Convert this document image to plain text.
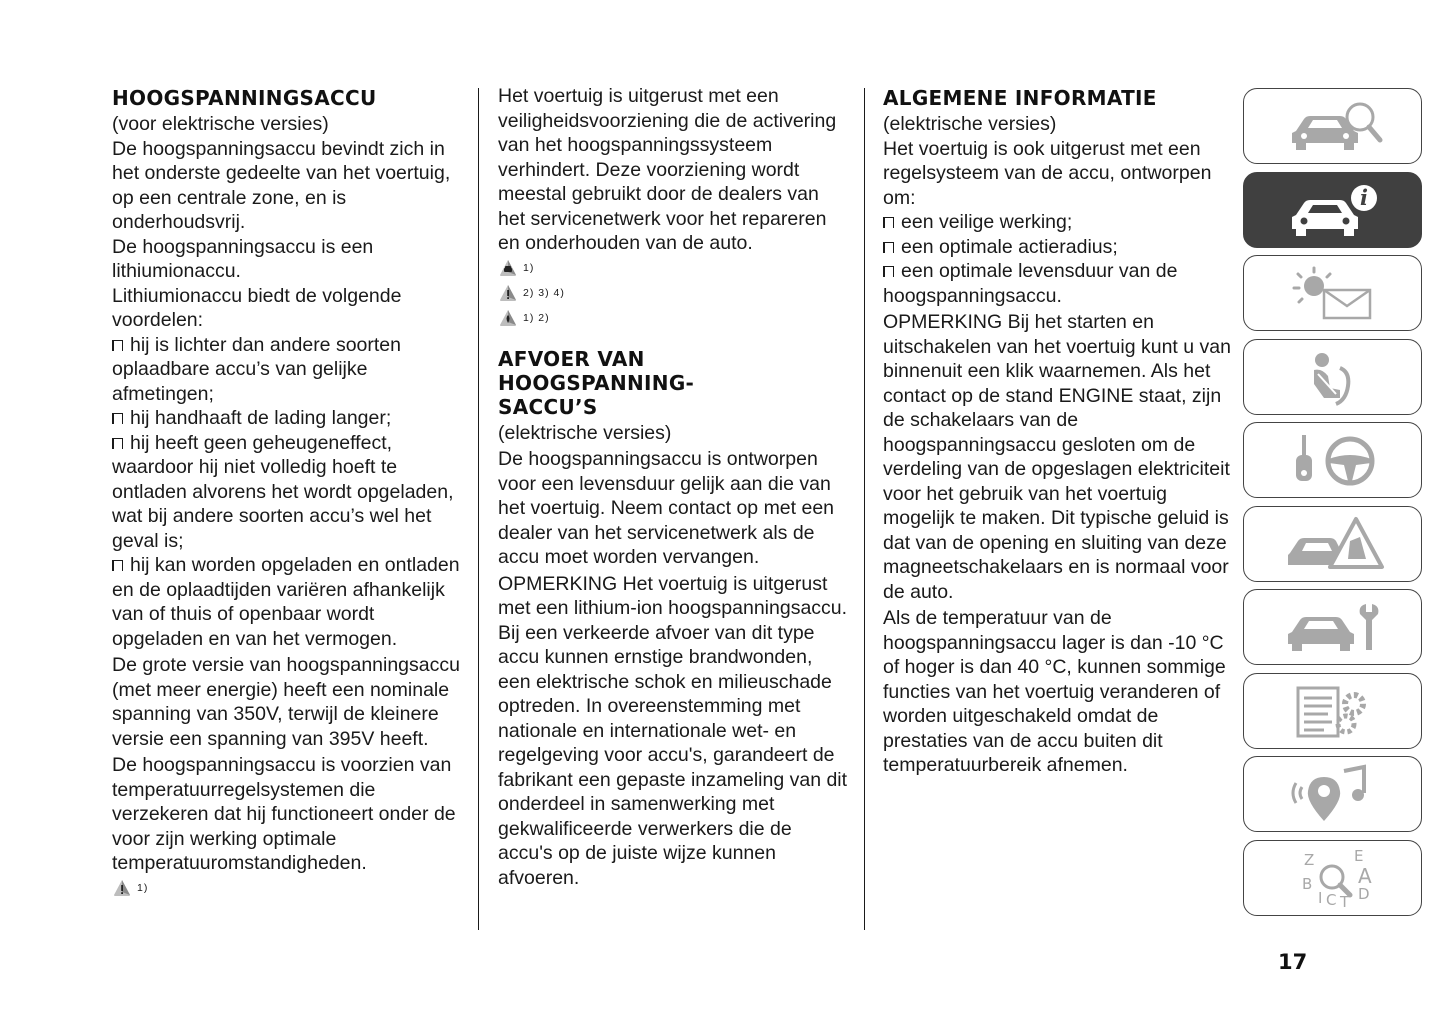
HOOGSPANNINGSACCU

(voor elektrische versies)

De hoogspanningsaccu bevindt zich in het onderste gedeelte van het voertuig, op een centrale zone, en is onderhoudsvrij.

De hoogspanningsaccu is een lithiumionaccu.

Lithiumionaccu biedt de volgende voordelen:

hij is lichter dan andere soorten oplaadbare accu’s van gelijke afmetingen;
hij handhaaft de lading langer;
hij heeft geen geheugeneffect, waardoor hij niet volledig hoeft te ontladen alvorens het wordt opgeladen, wat bij andere soorten accu’s wel het geval is;
hij kan worden opgeladen en ontladen en de oplaadtijden variëren afhankelijk van of thuis of openbaar wordt opgeladen en van het vermogen.

De grote versie van hoogspanningsaccu (met meer energie) heeft een nominale spanning van 350V, terwijl de kleinere versie een spanning van 395V heeft.

De hoogspanningsaccu is voorzien van temperatuurregelsystemen die verzekeren dat hij functioneert onder de voor zijn werking optimale temperatuuromstandigheden.

1)

Het voertuig is uitgerust met een veiligheidsvoorziening die de activering van het hoogspanningssysteem verhindert. Deze voorziening wordt meestal gebruikt door de dealers van het servicenetwerk voor het repareren en onderhouden van de auto.

1)
2) 3) 4)
1) 2)
AFVOER VAN
HOOGSPANNING-
SACCU’S

(elektrische versies)

De hoogspanningsaccu is ontworpen voor een levensduur gelijk aan die van het voertuig. Neem contact op met een dealer van het servicenetwerk als de accu moet worden vervangen.

OPMERKING Het voertuig is uitgerust met een lithium-ion hoogspanningsaccu. Bij een verkeerde afvoer van dit type accu kunnen ernstige brandwonden, een elektrische schok en milieuschade optreden. In overeenstemming met nationale en internationale wet- en regelgeving voor accu's, garandeert de fabrikant een gepaste inzameling van dit onderdeel in samenwerking met gekwalificeerde verwerkers die de accu's op de juiste wijze kunnen afvoeren.

ALGEMENE INFORMATIE

(elektrische versies)

Het voertuig is ook uitgerust met een regelsysteem van de accu, ontworpen om:

een veilige werking;
een optimale actieradius;
een optimale levensduur van de hoogspanningsaccu.

OPMERKING Bij het starten en uitschakelen van het voertuig kunt u van binnenuit een klik waarnemen. Als het contact op de stand ENGINE staat, zijn de schakelaars van de hoogspanningsaccu gesloten om de verdeling van de opgeslagen elektriciteit voor het gebruik van het voertuig mogelijk te maken. Dit typische geluid is dat van de opening en sluiting van deze magneetschakelaars en is normaal voor de auto.

Als de temperatuur van de hoogspanningsaccu lager is dan -10 °C of hoger is dan 40 °C, kunnen sommige functies van het voertuig veranderen of worden uitgeschakeld omdat de prestaties van de accu buiten dit temperatuurbereik afnemen.

i
Z	E
B A
I C T D
17
